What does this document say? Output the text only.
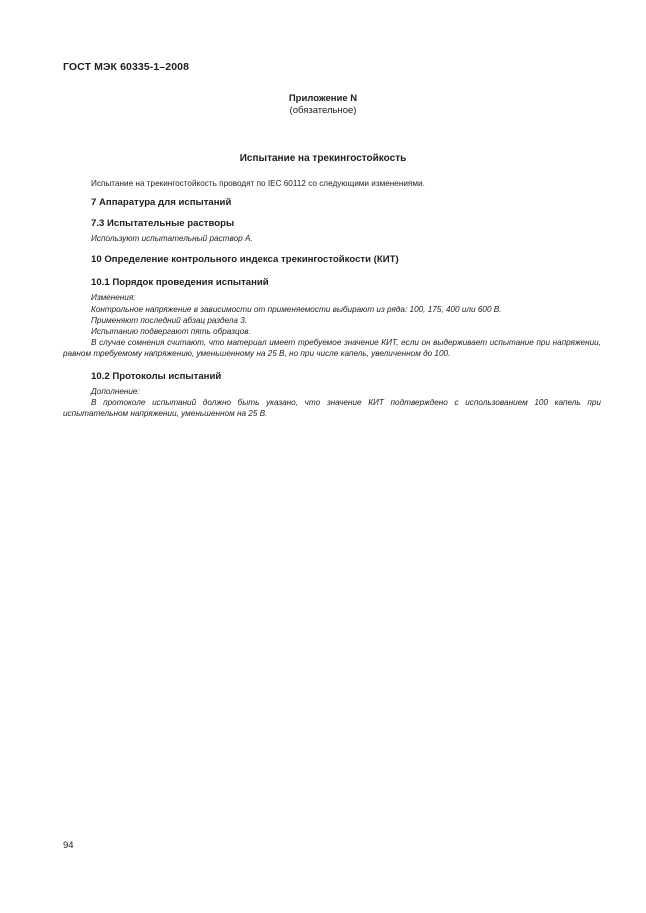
ГОСТ МЭК 60335-1–2008
Приложение N
(обязательное)
Испытание на трекингостойкость

Испытание на трекингостойкость проводят по IEC 60112 со следующими изменениями.

7 Аппаратура для испытаний

7.3 Испытательные растворы

Используют испытательный раствор А.

10 Определение контрольного индекса трекингостойкости (КИТ)

10.1 Порядок проведения испытаний

Изменения:

Контрольное напряжение в зависимости от применяемости выбирают из ряда: 100, 175, 400 или 600 В.

Применяют последний абзац раздела 3.

Испытанию подвергают пять образцов.

В случае сомнения считают, что материал имеет требуемое значение КИТ, если он выдерживает испытание при напряжении, равном требуемому напряжению, уменьшенному на 25 В, но при числе капель, увеличенном до 100.

10.2 Протоколы испытаний

Дополнение:

В протоколе испытаний должно быть указано, что значение КИТ подтверждено с использованием 100 капель при испытательном напряжении, уменьшенном на 25 В.

94
